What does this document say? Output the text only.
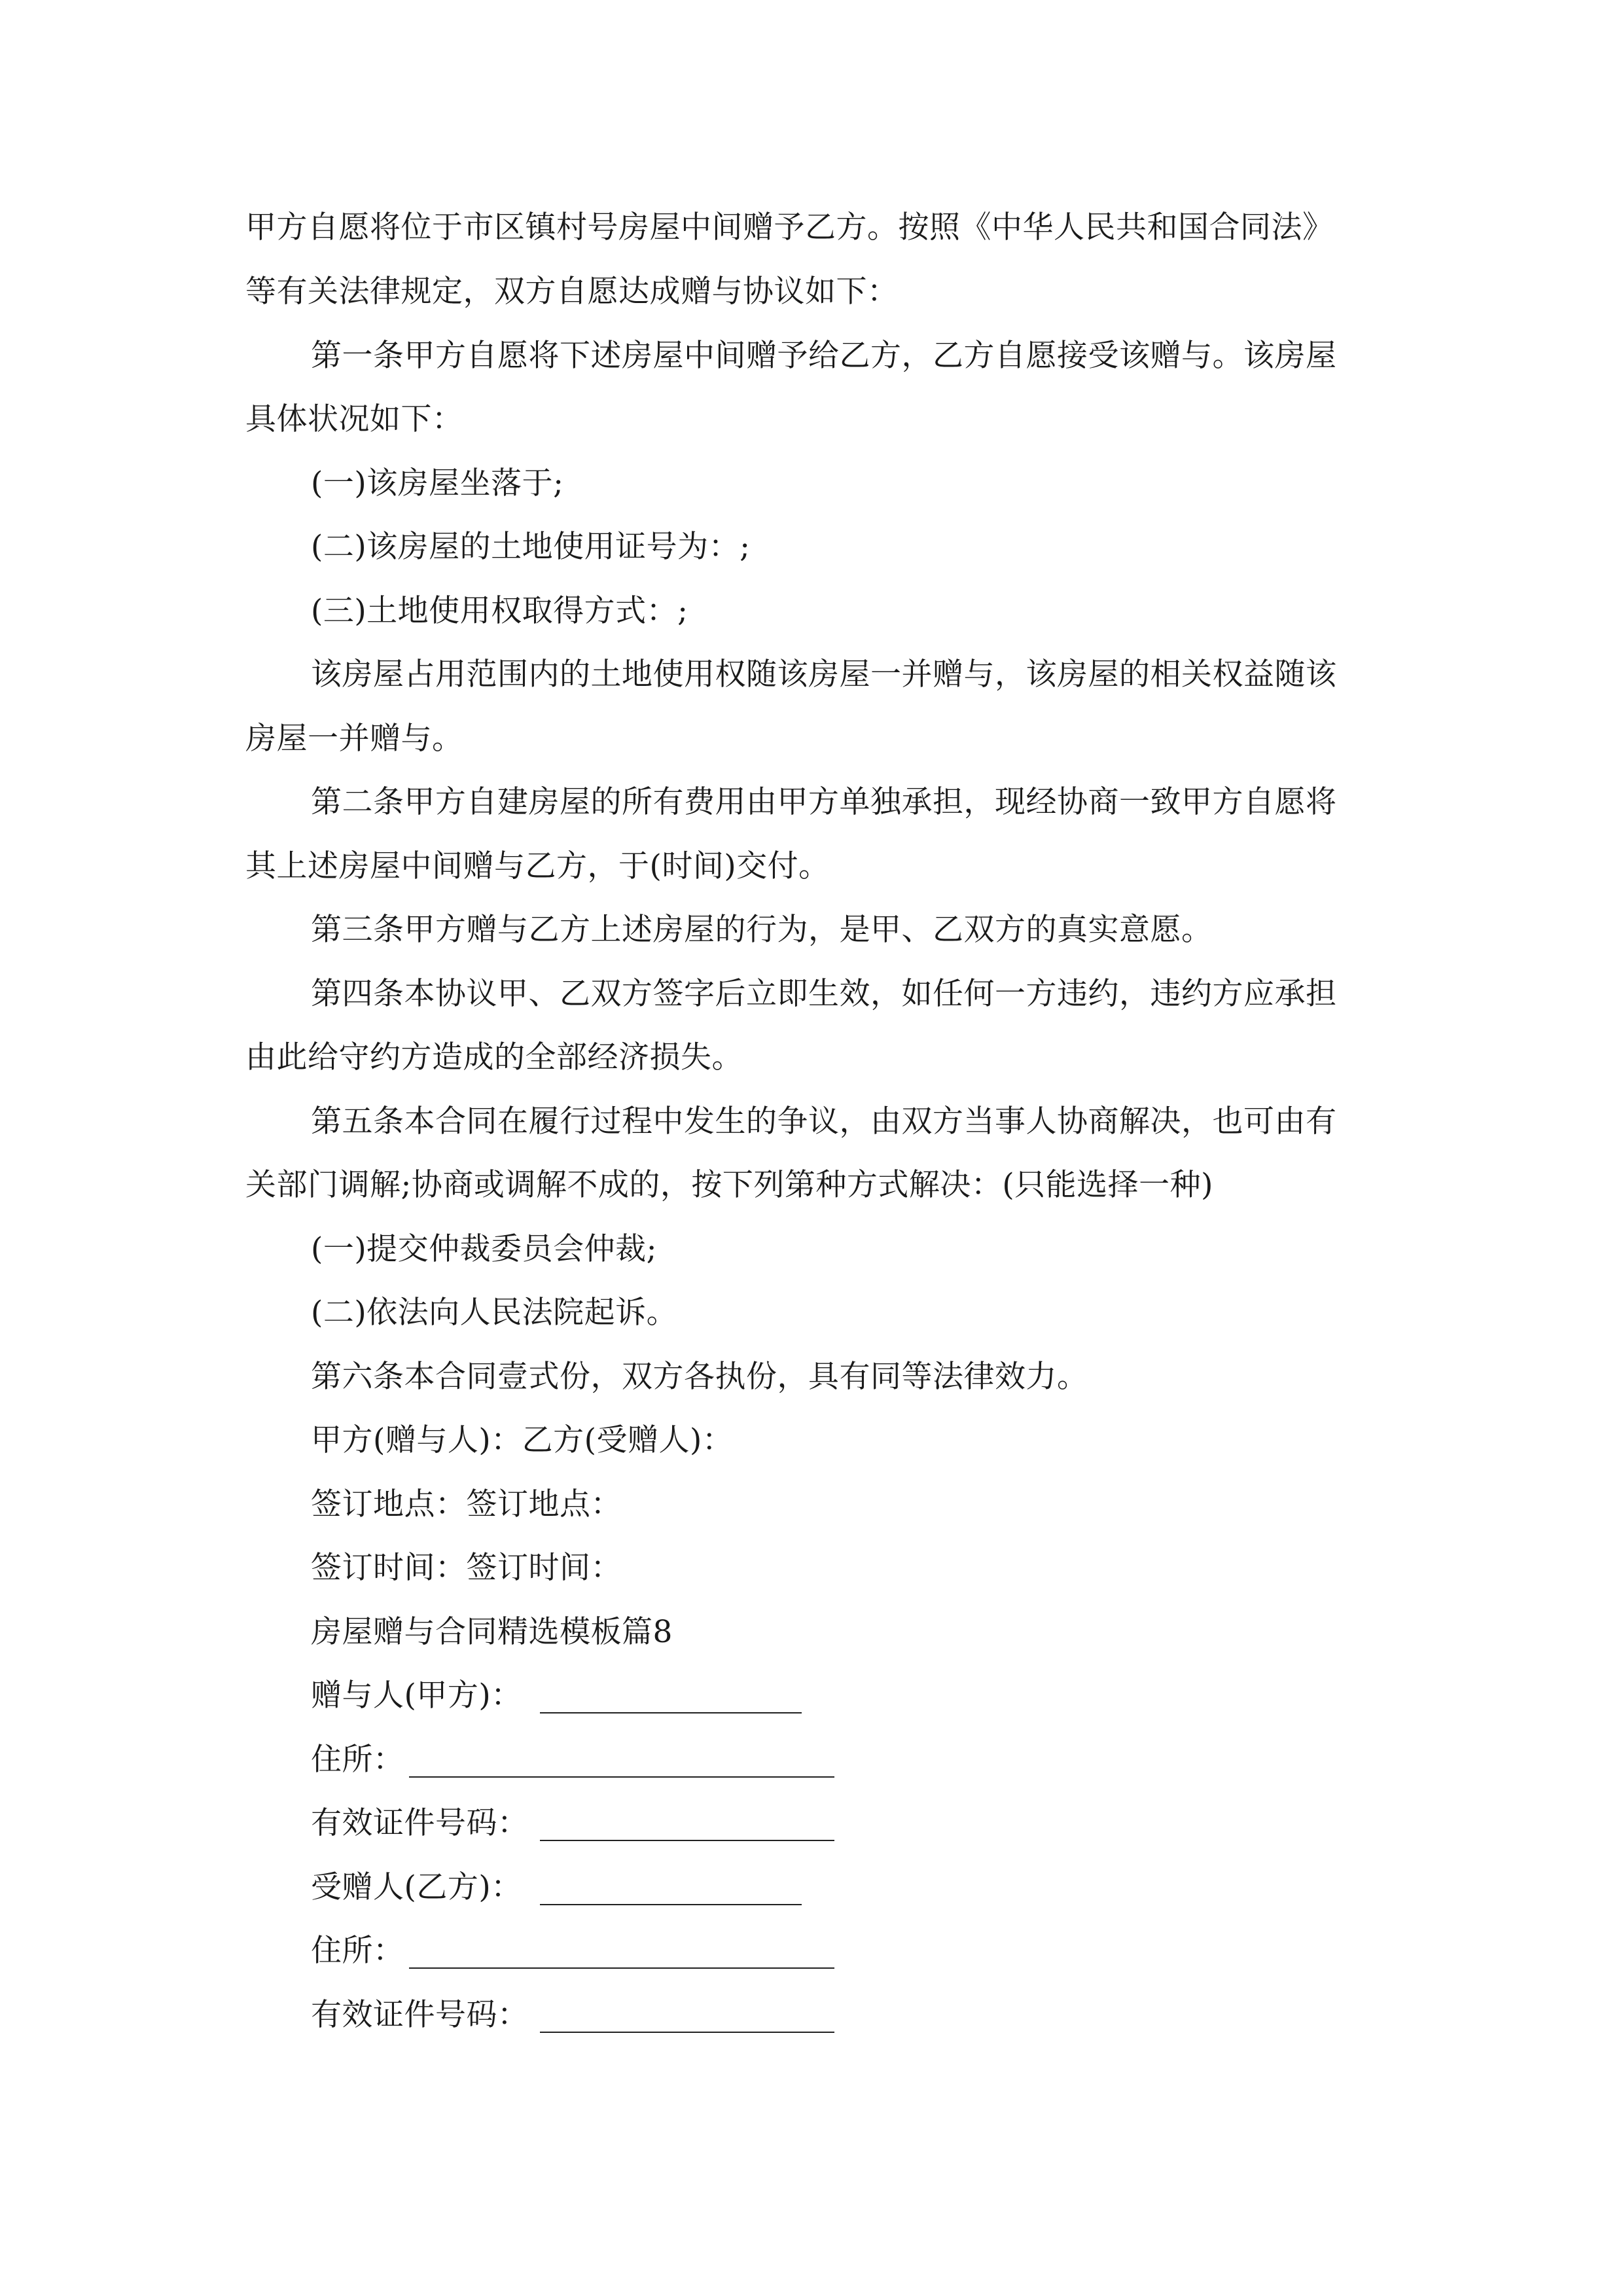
甲方自愿将位于市区镇村号房屋中间赠予乙方。按照《中华人民共和国合同法》
等有关法律规定，双方自愿达成赠与协议如下：
第一条甲方自愿将下述房屋中间赠予给乙方，乙方自愿接受该赠与。该房屋
具体状况如下：
(一)该房屋坐落于;
(二)该房屋的土地使用证号为：;
(三)土地使用权取得方式：;
该房屋占用范围内的土地使用权随该房屋一并赠与，该房屋的相关权益随该
房屋一并赠与。
第二条甲方自建房屋的所有费用由甲方单独承担，现经协商一致甲方自愿将
其上述房屋中间赠与乙方，于(时间)交付。
第三条甲方赠与乙方上述房屋的行为，是甲、乙双方的真实意愿。
第四条本协议甲、乙双方签字后立即生效，如任何一方违约，违约方应承担
由此给守约方造成的全部经济损失。
第五条本合同在履行过程中发生的争议，由双方当事人协商解决，也可由有
关部门调解;协商或调解不成的，按下列第种方式解决：(只能选择一种)
(一)提交仲裁委员会仲裁;
(二)依法向人民法院起诉。
第六条本合同壹式份，双方各执份，具有同等法律效力。
甲方(赠与人)：乙方(受赠人)：
签订地点：签订地点：
签订时间：签订时间：
房屋赠与合同精选模板篇8
赠与人(甲方)：
住所：
有效证件号码：
受赠人(乙方)：
住所：
有效证件号码：
